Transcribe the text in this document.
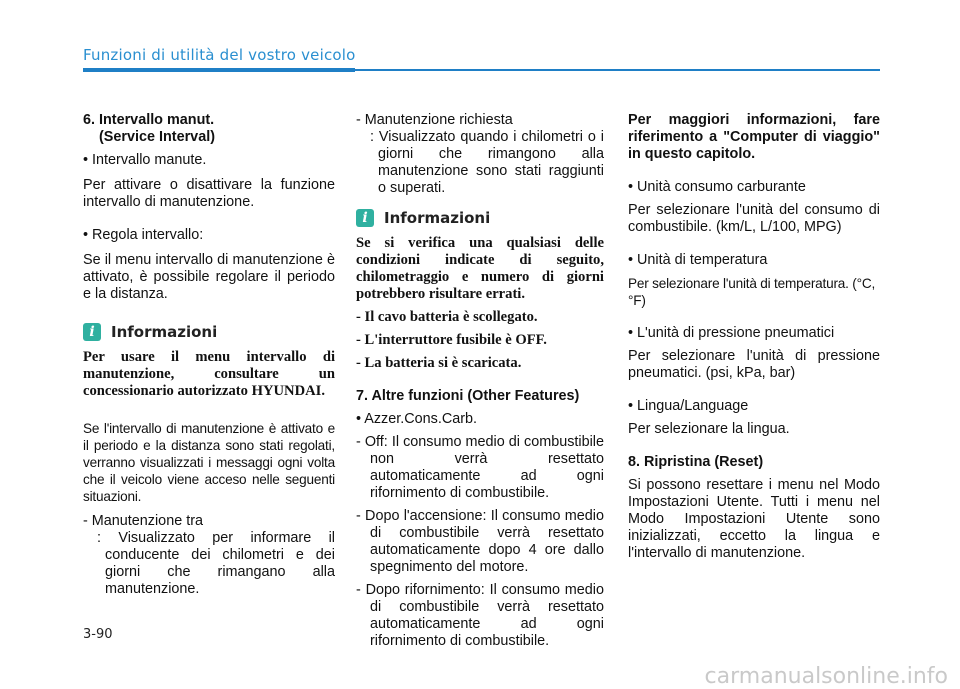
Funzioni di utilità del vostro veicolo

6. Intervallo manut.

(Service Interval)

• Intervallo manute.

Per attivare o disattivare la funzione intervallo di manutenzione.

• Regola intervallo:

Se il menu intervallo di manutenzione è attivato, è possibile regolare il periodo e la distanza.

i	Informazioni

Per usare il menu intervallo di manutenzione, consultare un concessionario autorizzato HYUNDAI.

Se l'intervallo di manutenzione è attivato e il periodo e la distanza sono stati regolati, verranno visualizzati i messaggi ogni volta che il veicolo viene acceso nelle seguenti situazioni.

- Manutenzione tra

: Visualizzato per informare il conducente dei chilometri e dei giorni che rimangano alla manutenzione.

- Manutenzione richiesta

: Visualizzato quando i chilometri o i giorni che rimangono alla manutenzione sono stati raggiunti o superati.

i	Informazioni

Se si verifica una qualsiasi delle condizioni indicate di seguito, chilometraggio e numero di giorni potrebbero risultare errati.

- Il cavo batteria è scollegato.

- L'interruttore fusibile è OFF.

- La batteria si è scaricata.

7. Altre funzioni (Other Features)

• Azzer.Cons.Carb.

- Off: Il consumo medio di combustibile non verrà resettato automaticamente ad ogni rifornimento di combustibile.

- Dopo l'accensione: Il consumo medio di combustibile verrà resettato automaticamente dopo 4 ore dallo spegnimento del motore.

- Dopo rifornimento: Il consumo medio di combustibile verrà resettato automaticamente ad ogni rifornimento di combustibile.

Per maggiori informazioni, fare riferimento a "Computer di viaggio" in questo capitolo.

• Unità consumo carburante

Per selezionare l'unità del consumo di combustibile. (km/L, L/100, MPG)

• Unità di temperatura

Per selezionare l'unità di temperatura. (°C,°F)

• L'unità di pressione pneumatici

Per selezionare l'unità di pressione pneumatici. (psi, kPa, bar)

• Lingua/Language

Per selezionare la lingua.

8. Ripristina (Reset)

Si possono resettare i menu nel Modo Impostazioni Utente. Tutti i menu nel Modo Impostazioni Utente sono inizializzati, eccetto la lingua e l'intervallo di manutenzione.

3-90
carmanualsonline.info
